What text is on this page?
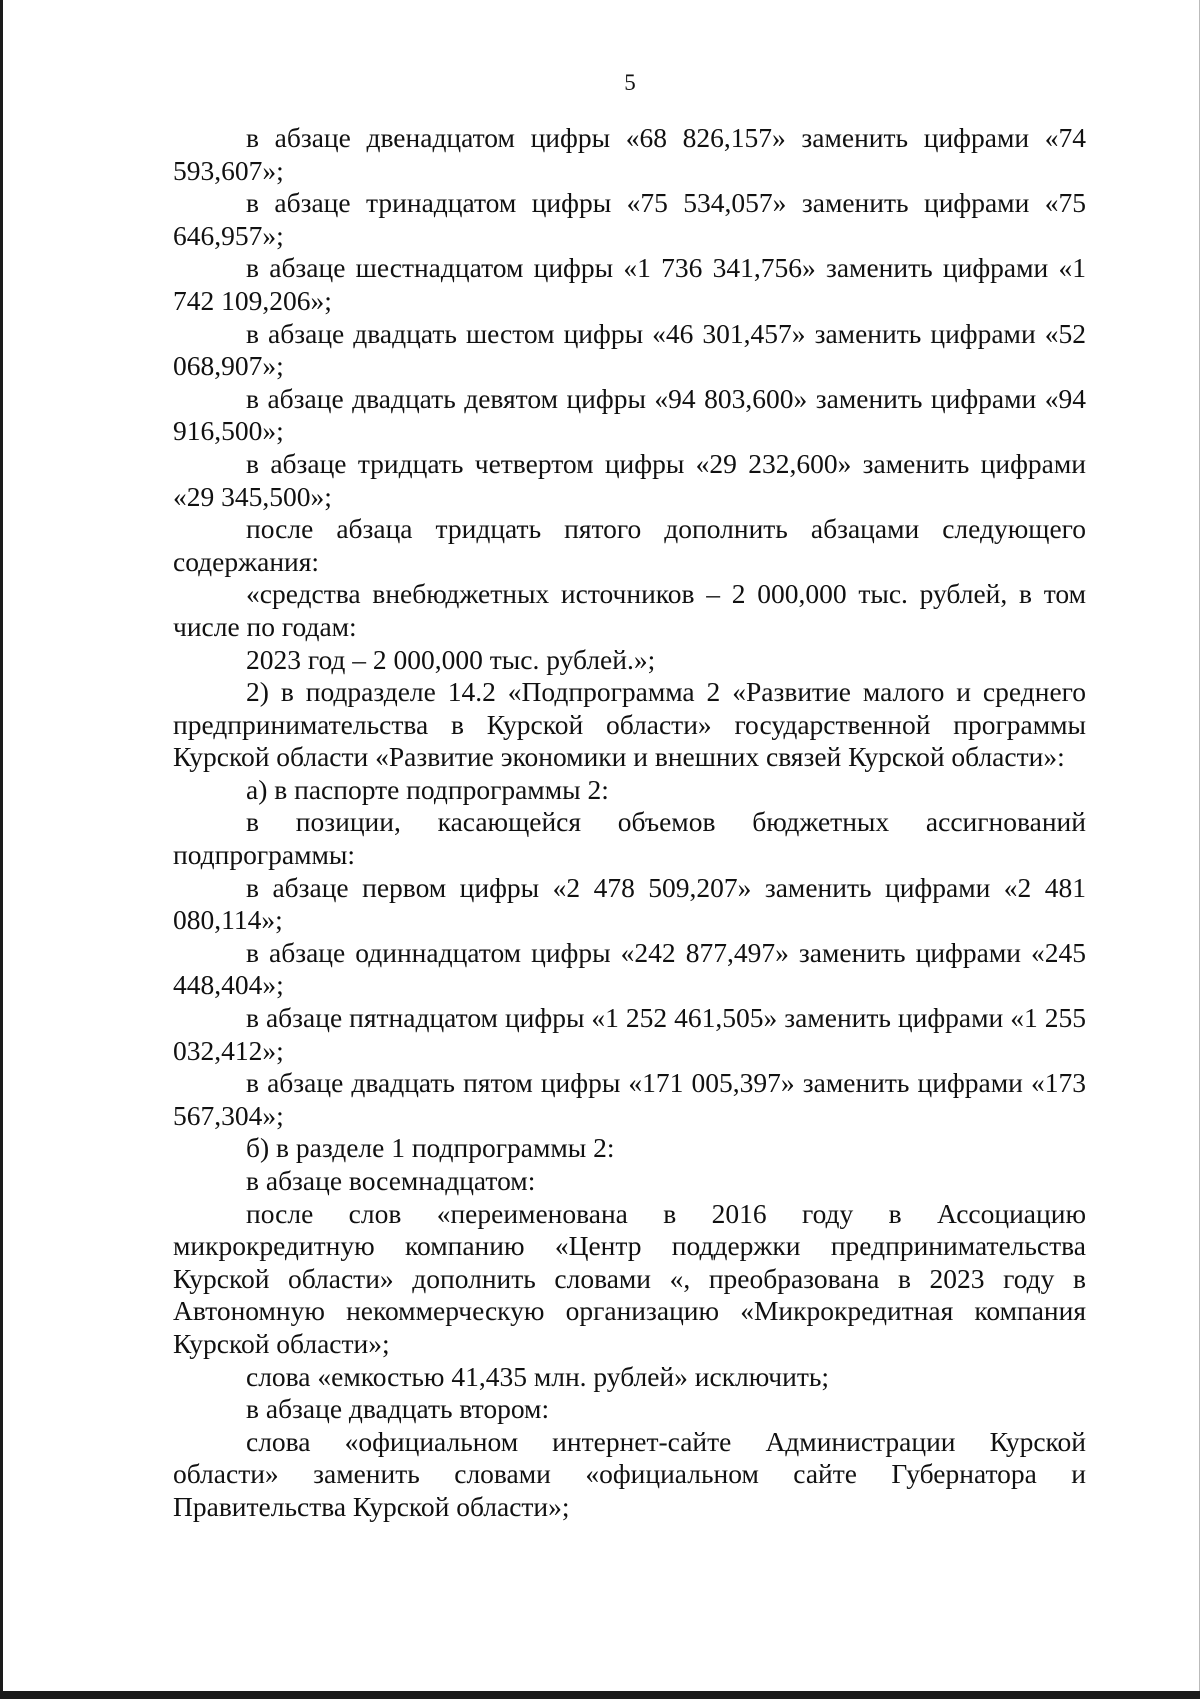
5

в абзаце двенадцатом цифры «68 826,157» заменить цифрами «74 593,607»;

в абзаце тринадцатом цифры «75 534,057» заменить цифрами «75 646,957»;

в абзаце шестнадцатом цифры «1 736 341,756» заменить цифрами «1 742 109,206»;

в абзаце двадцать шестом цифры «46 301,457» заменить цифрами «52 068,907»;

в абзаце двадцать девятом цифры «94 803,600» заменить цифрами «94 916,500»;

в абзаце тридцать четвертом цифры «29 232,600» заменить цифрами «29 345,500»;

после абзаца тридцать пятого дополнить абзацами следующего содержания:

«средства внебюджетных источников – 2 000,000 тыс. рублей, в том числе по годам:

2023 год – 2 000,000 тыс. рублей.»;

2) в подразделе 14.2 «Подпрограмма 2 «Развитие малого и среднего предпринимательства в Курской области» государственной программы Курской области «Развитие экономики и внешних связей Курской области»:

а) в паспорте подпрограммы 2:

в позиции, касающейся объемов бюджетных ассигнований подпрограммы:

в абзаце первом цифры «2 478 509,207» заменить цифрами «2 481 080,114»;

в абзаце одиннадцатом цифры «242 877,497» заменить цифрами «245 448,404»;

в абзаце пятнадцатом цифры «1 252 461,505» заменить цифрами «1 255 032,412»;

в абзаце двадцать пятом цифры «171 005,397» заменить цифрами «173 567,304»;

б) в разделе 1 подпрограммы 2:

в абзаце восемнадцатом:

после слов «переименована в 2016 году в Ассоциацию микрокредитную компанию «Центр поддержки предпринимательства Курской области» дополнить словами «, преобразована в 2023 году в Автономную некоммерческую организацию «Микрокредитная компания Курской области»;

слова «емкостью 41,435 млн. рублей» исключить;

в абзаце двадцать втором:

слова «официальном интернет-сайте Администрации Курской области» заменить словами «официальном сайте Губернатора и Правительства Курской области»;
